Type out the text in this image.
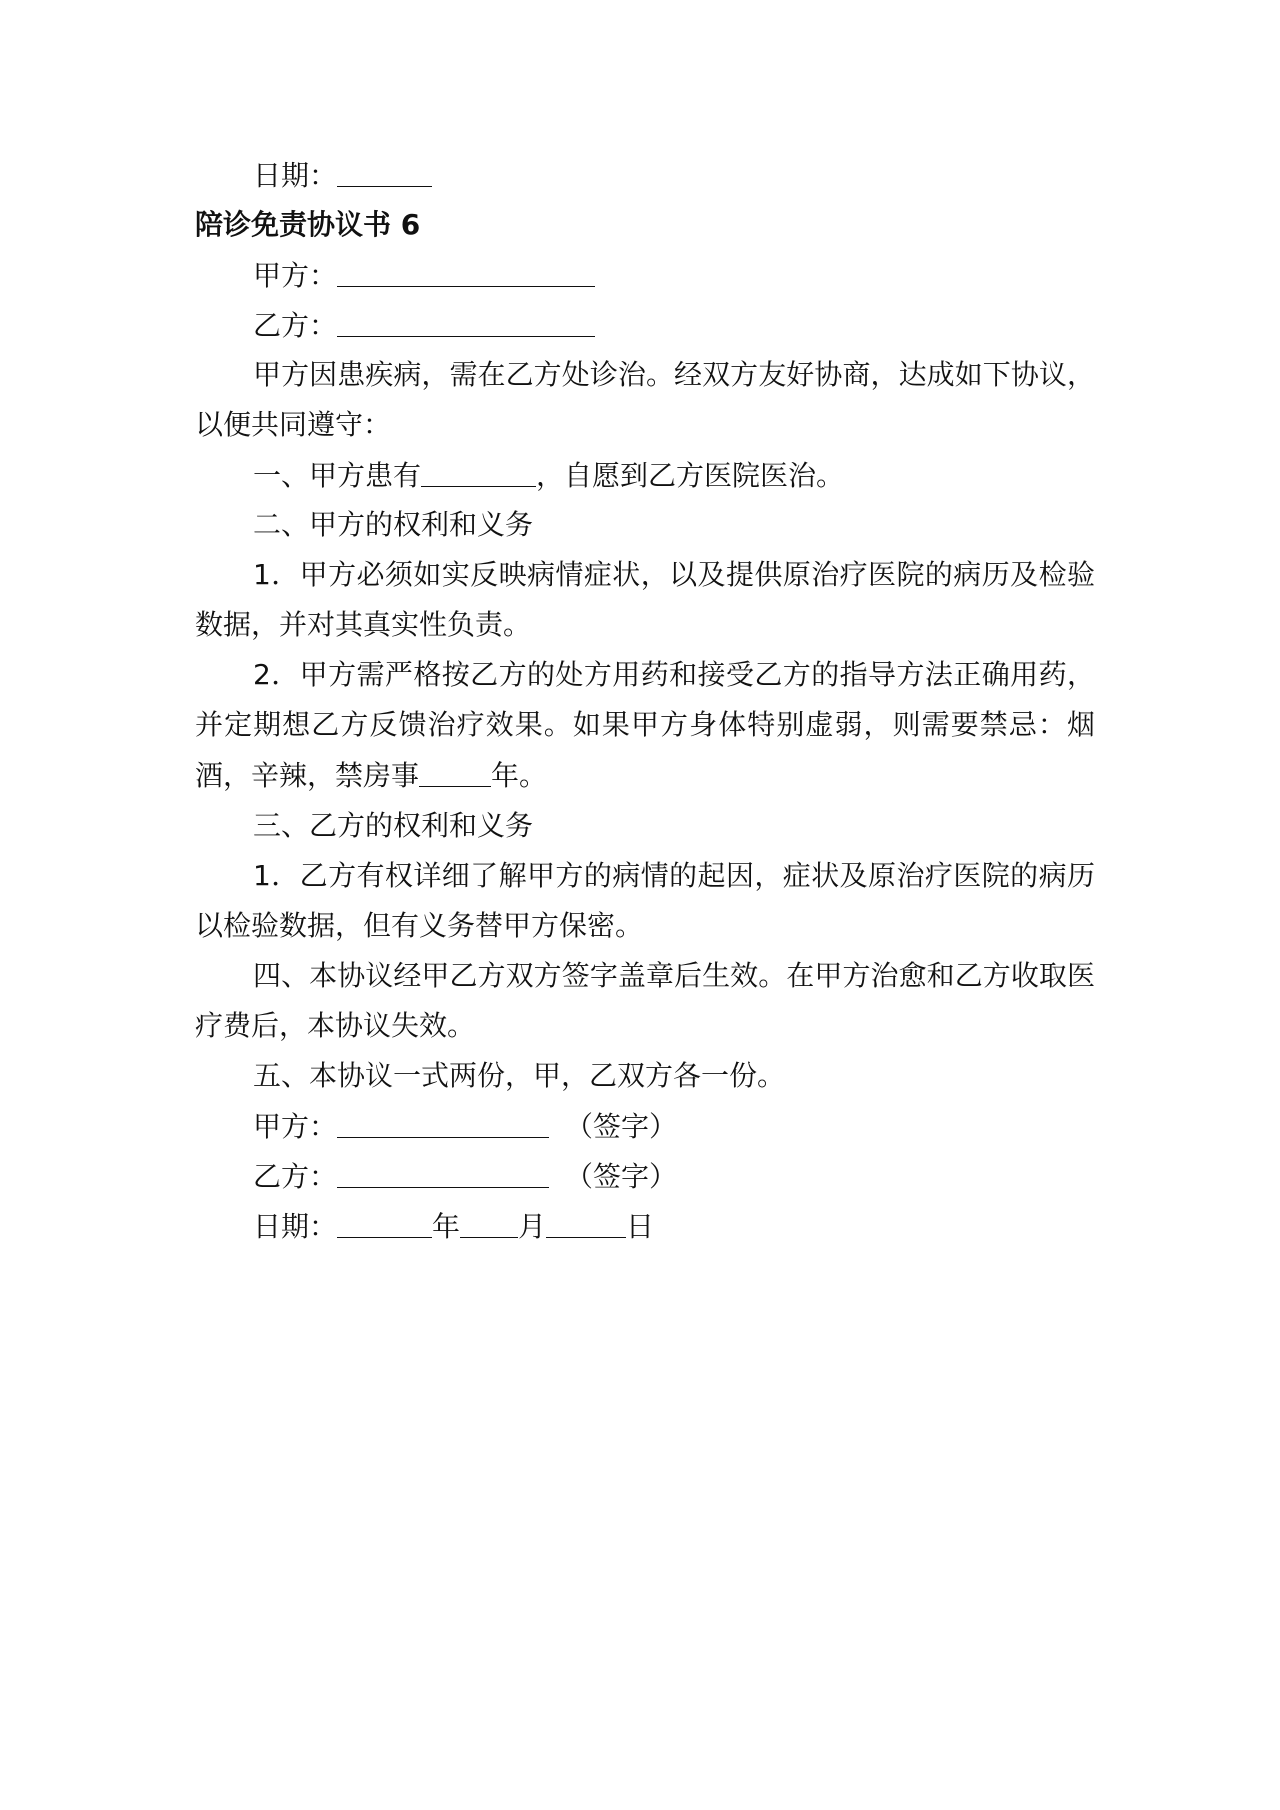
日期：

陪诊免责协议书 6

甲方：

乙方：

甲方因患疾病，需在乙方处诊治。经双方友好协商，达成如下协议，以便共同遵守：

一、甲方患有	，自愿到乙方医院医治。

二、甲方的权利和义务

1．甲方必须如实反映病情症状，以及提供原治疗医院的病历及检验数据，并对其真实性负责。

2．甲方需严格按乙方的处方用药和接受乙方的指导方法正确用药，并定期想乙方反馈治疗效果。如果甲方身体特别虚弱，则需要禁忌：烟酒，辛辣，禁房事	年。

三、乙方的权利和义务

1．乙方有权详细了解甲方的病情的起因，症状及原治疗医院的病历以检验数据，但有义务替甲方保密。

四、本协议经甲乙方双方签字盖章后生效。在甲方治愈和乙方收取医疗费后，本协议失效。

五、本协议一式两份，甲，乙双方各一份。

甲方：	（签字）

乙方：	（签字）

日期：	年 月	日
